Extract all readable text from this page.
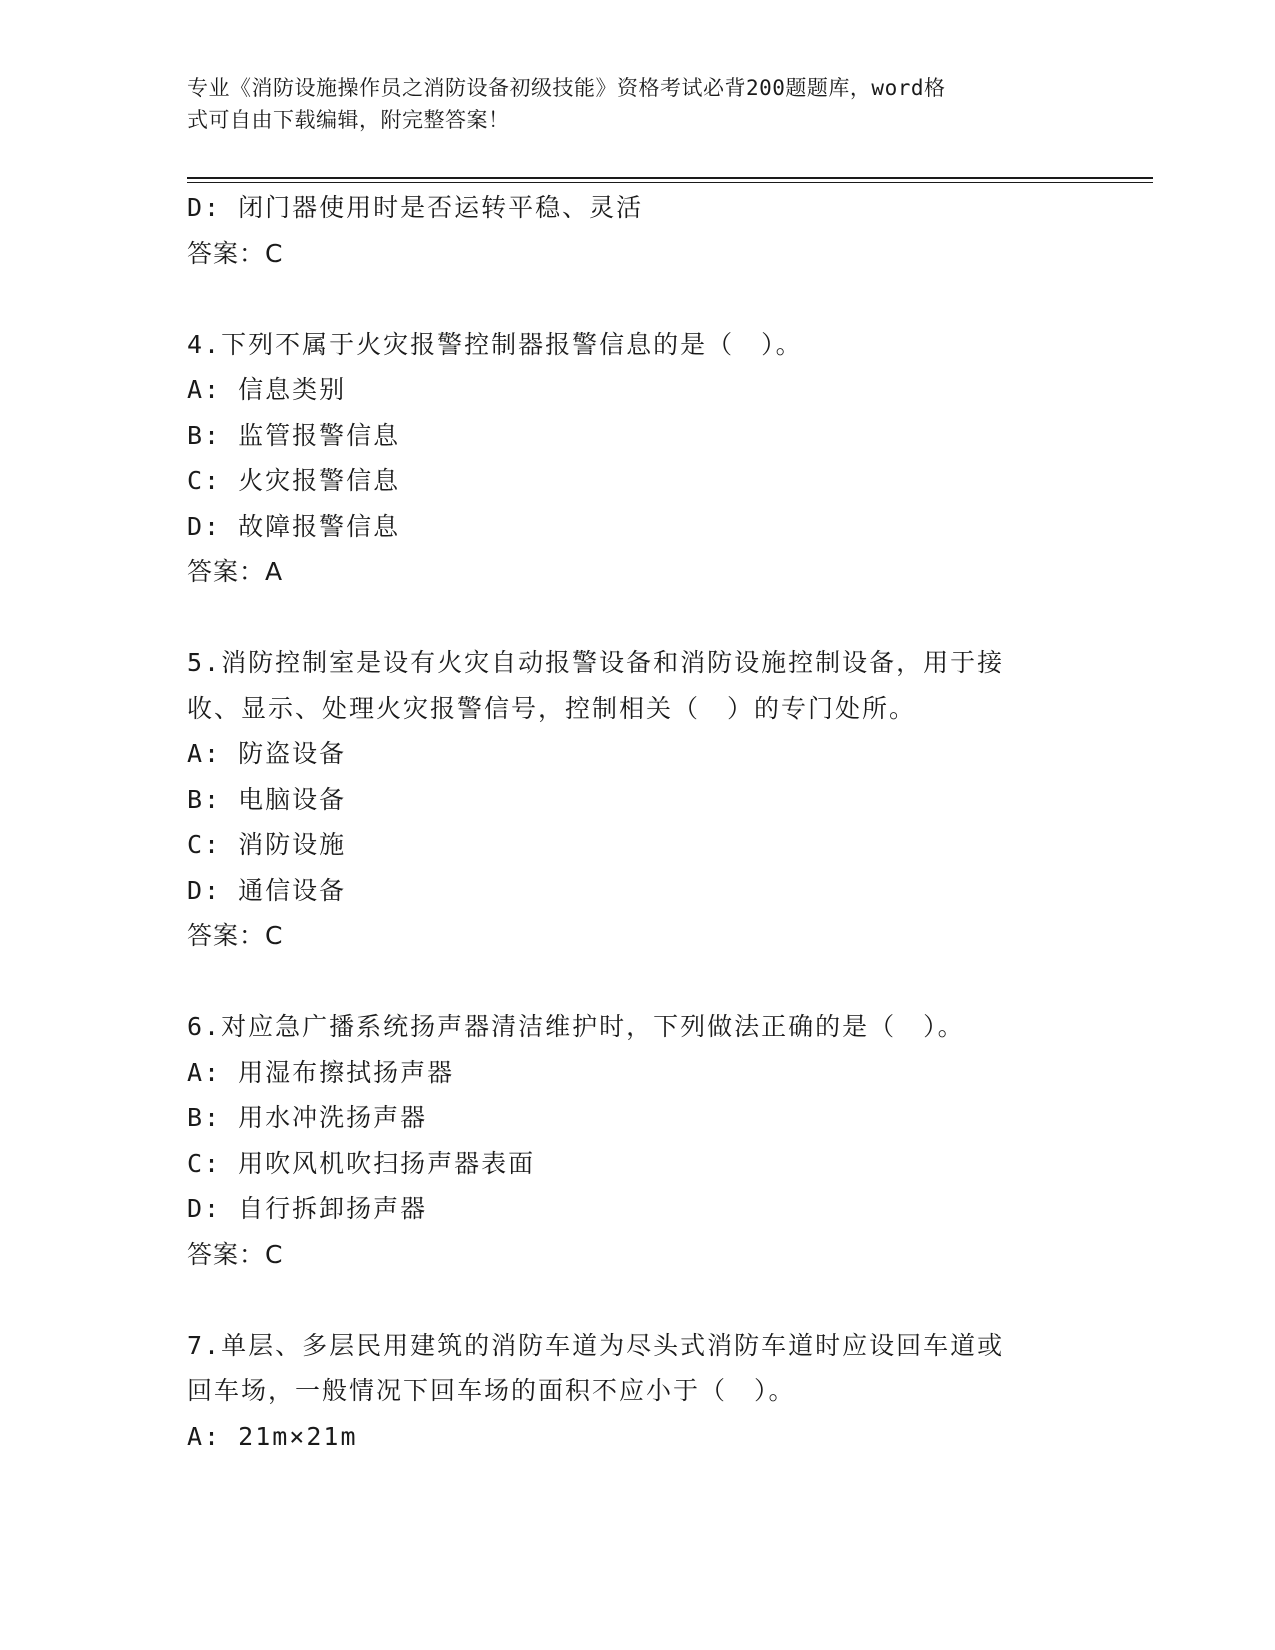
专业《消防设施操作员之消防设备初级技能》资格考试必背200题题库，word格
式可自由下载编辑，附完整答案！
D: 闭门器使用时是否运转平稳、灵活
答案：C
4.下列不属于火灾报警控制器报警信息的是（　）。
A: 信息类别
B: 监管报警信息
C: 火灾报警信息
D: 故障报警信息
答案：A
5.消防控制室是设有火灾自动报警设备和消防设施控制设备，用于接
收、显示、处理火灾报警信号，控制相关（　）的专门处所。
A: 防盗设备
B: 电脑设备
C: 消防设施
D: 通信设备
答案：C
6.对应急广播系统扬声器清洁维护时，下列做法正确的是（　）。
A: 用湿布擦拭扬声器
B: 用水冲洗扬声器
C: 用吹风机吹扫扬声器表面
D: 自行拆卸扬声器
答案：C
7.单层、多层民用建筑的消防车道为尽头式消防车道时应设回车道或
回车场，一般情况下回车场的面积不应小于（　）。
A: 21m×21m
